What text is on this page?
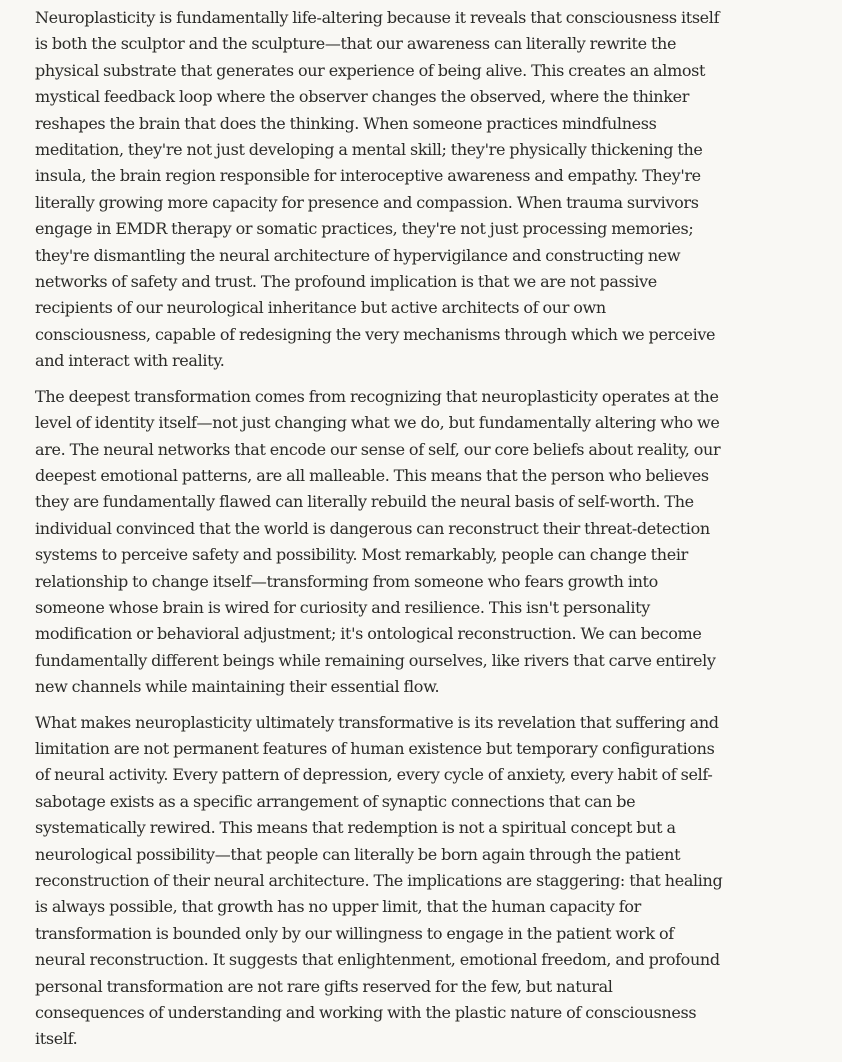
Neuroplasticity is fundamentally life-altering because it reveals that consciousness itself is both the sculptor and the sculpture—that our awareness can literally rewrite the physical substrate that generates our experience of being alive. This creates an almost mystical feedback loop where the observer changes the observed, where the thinker reshapes the brain that does the thinking. When someone practices mindfulness meditation, they're not just developing a mental skill; they're physically thickening the insula, the brain region responsible for interoceptive awareness and empathy. They're literally growing more capacity for presence and compassion. When trauma survivors engage in EMDR therapy or somatic practices, they're not just processing memories; they're dismantling the neural architecture of hypervigilance and constructing new networks of safety and trust. The profound implication is that we are not passive recipients of our neurological inheritance but active architects of our own consciousness, capable of redesigning the very mechanisms through which we perceive and interact with reality.

The deepest transformation comes from recognizing that neuroplasticity operates at the level of identity itself—not just changing what we do, but fundamentally altering who we are. The neural networks that encode our sense of self, our core beliefs about reality, our deepest emotional patterns, are all malleable. This means that the person who believes they are fundamentally flawed can literally rebuild the neural basis of self-worth. The individual convinced that the world is dangerous can reconstruct their threat-detection systems to perceive safety and possibility. Most remarkably, people can change their relationship to change itself—transforming from someone who fears growth into someone whose brain is wired for curiosity and resilience. This isn't personality modification or behavioral adjustment; it's ontological reconstruction. We can become fundamentally different beings while remaining ourselves, like rivers that carve entirely new channels while maintaining their essential flow.

What makes neuroplasticity ultimately transformative is its revelation that suffering and limitation are not permanent features of human existence but temporary configurations of neural activity. Every pattern of depression, every cycle of anxiety, every habit of self-sabotage exists as a specific arrangement of synaptic connections that can be systematically rewired. This means that redemption is not a spiritual concept but a neurological possibility—that people can literally be born again through the patient reconstruction of their neural architecture. The implications are staggering: that healing is always possible, that growth has no upper limit, that the human capacity for transformation is bounded only by our willingness to engage in the patient work of neural reconstruction. It suggests that enlightenment, emotional freedom, and profound personal transformation are not rare gifts reserved for the few, but natural consequences of understanding and working with the plastic nature of consciousness itself.
